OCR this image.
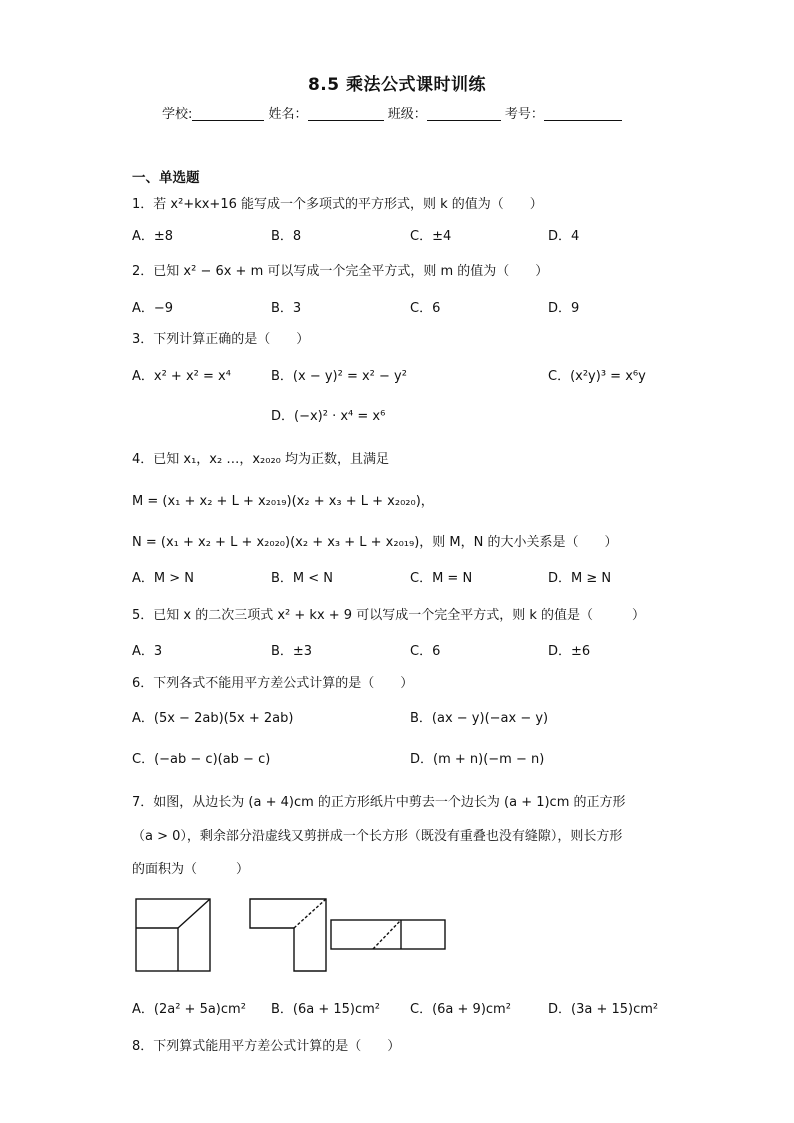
8.5 乘法公式课时训练
学校:	姓名：	班级：	考号：
一、单选题
1．若 x²+kx+16 能写成一个多项式的平方形式，则 k 的值为（　　）
A．±8	B．8	C．±4	D．4
2．已知 x² − 6x + m 可以写成一个完全平方式，则 m 的值为（　　）
A．−9	B．3	C．6	D．9
3．下列计算正确的是（　　）
A．x² + x² = x⁴	B．(x − y)² = x² − y²	C．(x²y)³ = x⁶y
D．(−x)² · x⁴ = x⁶
4．已知 x₁，x₂ …，x₂₀₂₀ 均为正数，且满足
M = (x₁ + x₂ + L + x₂₀₁₉)(x₂ + x₃ + L + x₂₀₂₀)，
N = (x₁ + x₂ + L + x₂₀₂₀)(x₂ + x₃ + L + x₂₀₁₉)，则 M，N 的大小关系是（　　）
A．M > N	B．M < N	C．M = N	D．M ≥ N
5．已知 x 的二次三项式 x² + kx + 9 可以写成一个完全平方式，则 k 的值是（　　　）
A．3	B．±3	C．6	D．±6
6．下列各式不能用平方差公式计算的是（　　）
A．(5x − 2ab)(5x + 2ab)	B．(ax − y)(−ax − y)
C．(−ab − c)(ab − c)	D．(m + n)(−m − n)
7．如图，从边长为 (a + 4)cm 的正方形纸片中剪去一个边长为 (a + 1)cm 的正方形
（a > 0），剩余部分沿虚线又剪拼成一个长方形（既没有重叠也没有缝隙），则长方形
的面积为（　　　）
A．(2a² + 5a)cm² B．(6a + 15)cm² C．(6a + 9)cm²	D．(3a + 15)cm²
8．下列算式能用平方差公式计算的是（　　）
